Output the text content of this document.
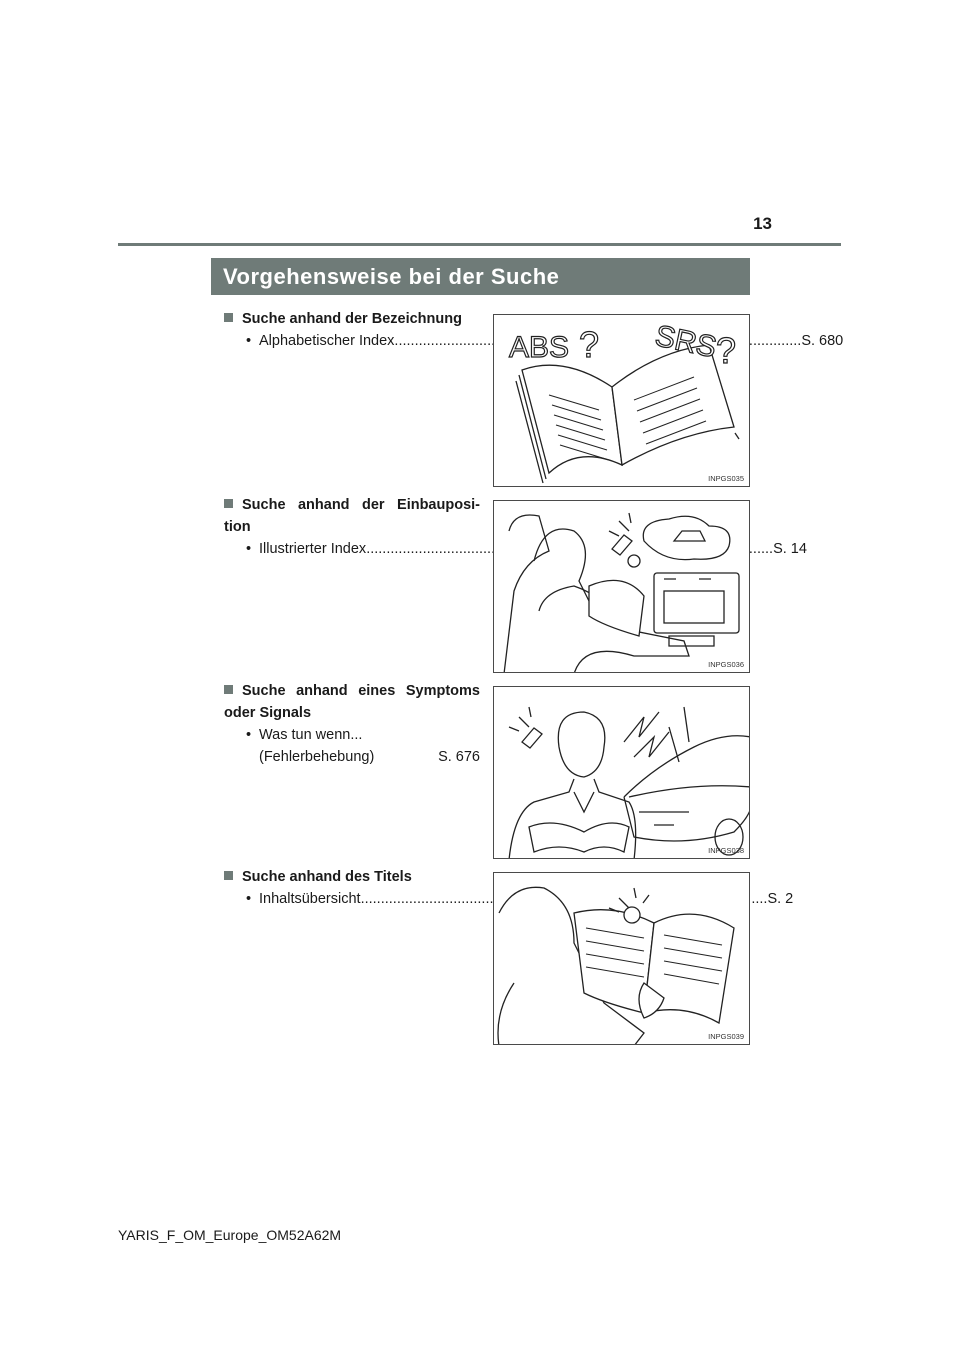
13
Vorgehensweise bei der Suche
Suche anhand der Bezeichnung
• Alphabetischer Index .....	S. 680
Suche anhand der Einbauposi-tion
• Illustrierter Index .....	S. 14
Suche anhand eines Symptoms oder Signals
• Was tun wenn...
(Fehlerbehebung)	S. 676
Suche anhand des Titels
• Inhaltsübersicht .....	S. 2
ABS ? SRS
?
INPGS035
INPGS036
INPGS038
INPGS039
YARIS_F_OM_Europe_OM52A62M
